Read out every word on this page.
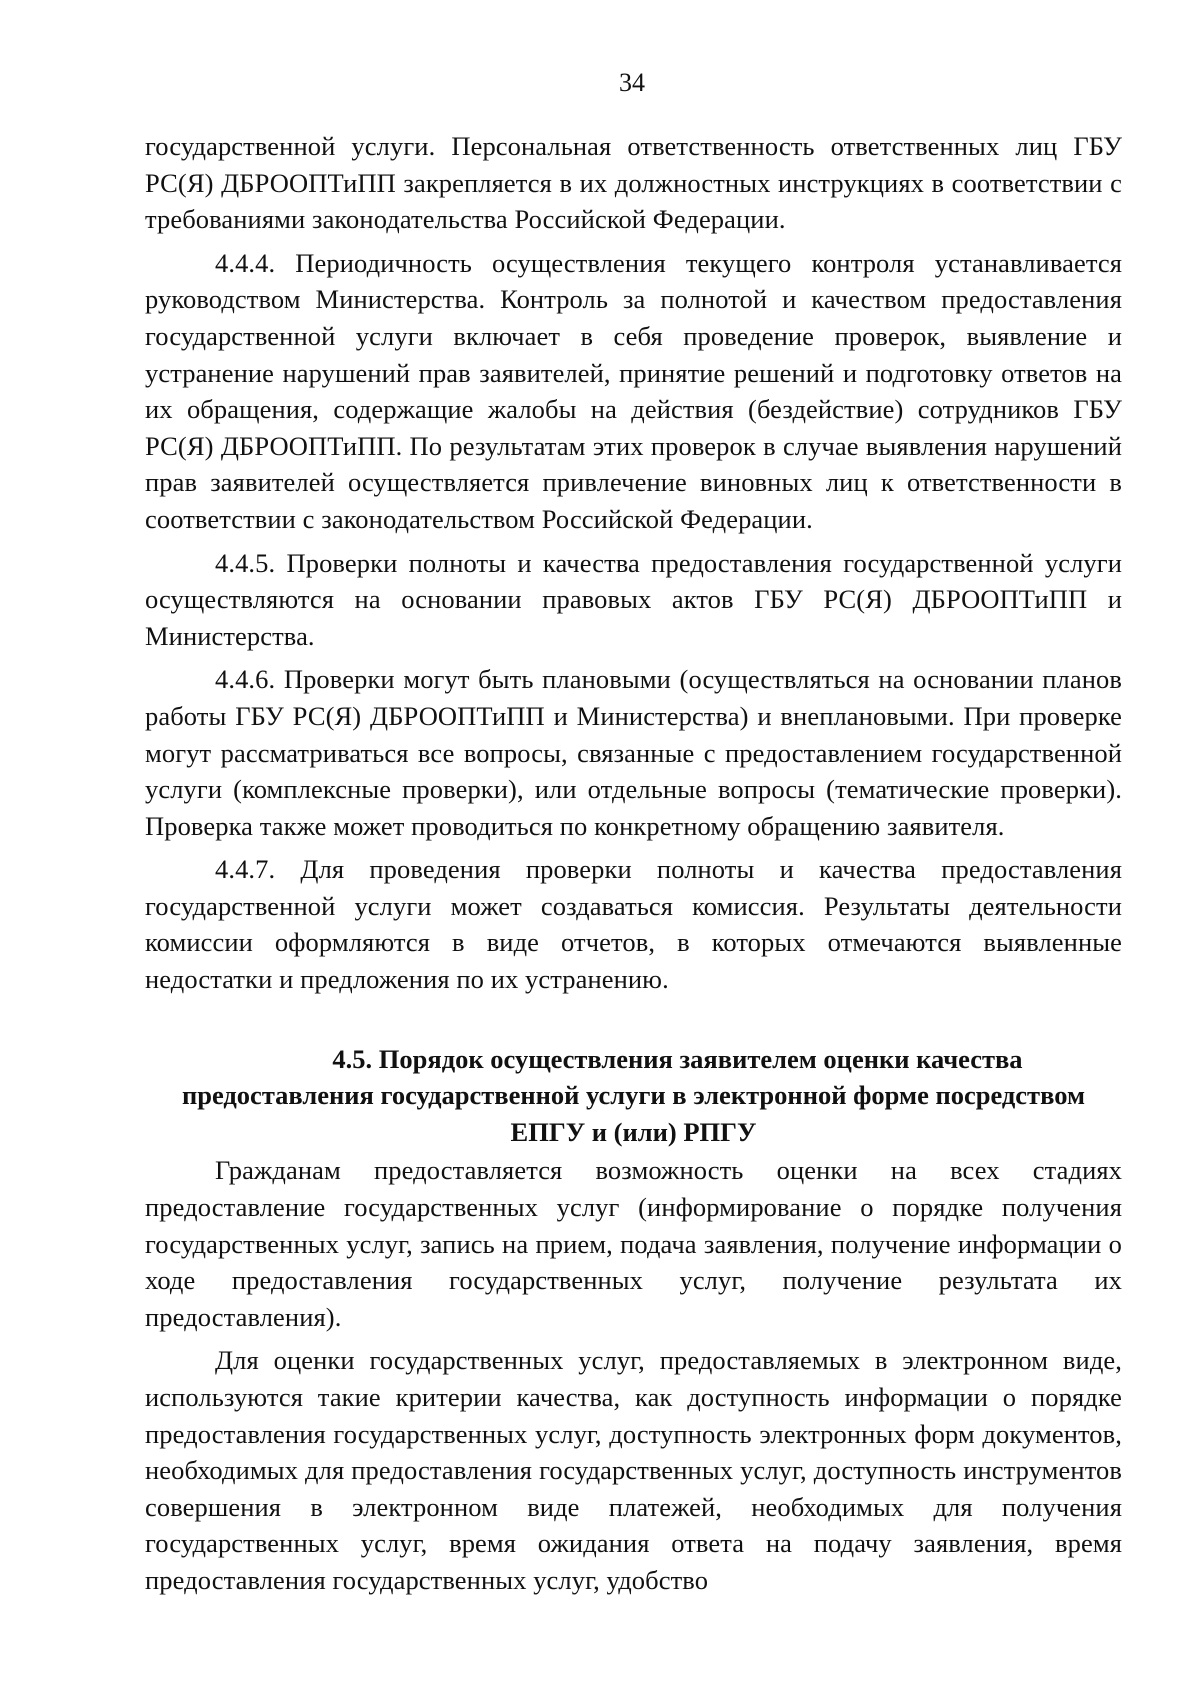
34

государственной услуги. Персональная ответственность ответственных лиц ГБУ РС(Я) ДБРООПТиПП закрепляется в их должностных инструкциях в соответствии с требованиями законодательства Российской Федерации.

4.4.4. Периодичность осуществления текущего контроля устанавливается руководством Министерства. Контроль за полнотой и качеством предоставления государственной услуги включает в себя проведение проверок, выявление и устранение нарушений прав заявителей, принятие решений и подготовку ответов на их обращения, содержащие жалобы на действия (бездействие) сотрудников ГБУ РС(Я) ДБРООПТиПП. По результатам этих проверок в случае выявления нарушений прав заявителей осуществляется привлечение виновных лиц к ответственности в соответствии с законодательством Российской Федерации.

4.4.5. Проверки полноты и качества предоставления государственной услуги осуществляются на основании правовых актов ГБУ РС(Я) ДБРООПТиПП и Министерства.

4.4.6. Проверки могут быть плановыми (осуществляться на основании планов работы ГБУ РС(Я) ДБРООПТиПП и Министерства) и внеплановыми. При проверке могут рассматриваться все вопросы, связанные с предоставлением государственной услуги (комплексные проверки), или отдельные вопросы (тематические проверки). Проверка также может проводиться по конкретному обращению заявителя.

4.4.7. Для проведения проверки полноты и качества предоставления государственной услуги может создаваться комиссия. Результаты деятельности комиссии оформляются в виде отчетов, в которых отмечаются выявленные недостатки и предложения по их устранению.

4.5. Порядок осуществления заявителем оценки качества
предоставления государственной услуги в электронной форме посредством
ЕПГУ и (или) РПГУ

Гражданам предоставляется возможность оценки на всех стадиях предоставление государственных услуг (информирование о порядке получения государственных услуг, запись на прием, подача заявления, получение информации о ходе предоставления государственных услуг, получение результата их предоставления).

Для оценки государственных услуг, предоставляемых в электронном виде, используются такие критерии качества, как доступность информации о порядке предоставления государственных услуг, доступность электронных форм документов, необходимых для предоставления государственных услуг, доступность инструментов совершения в электронном виде платежей, необходимых для получения государственных услуг, время ожидания ответа на подачу заявления, время предоставления государственных услуг, удобство
